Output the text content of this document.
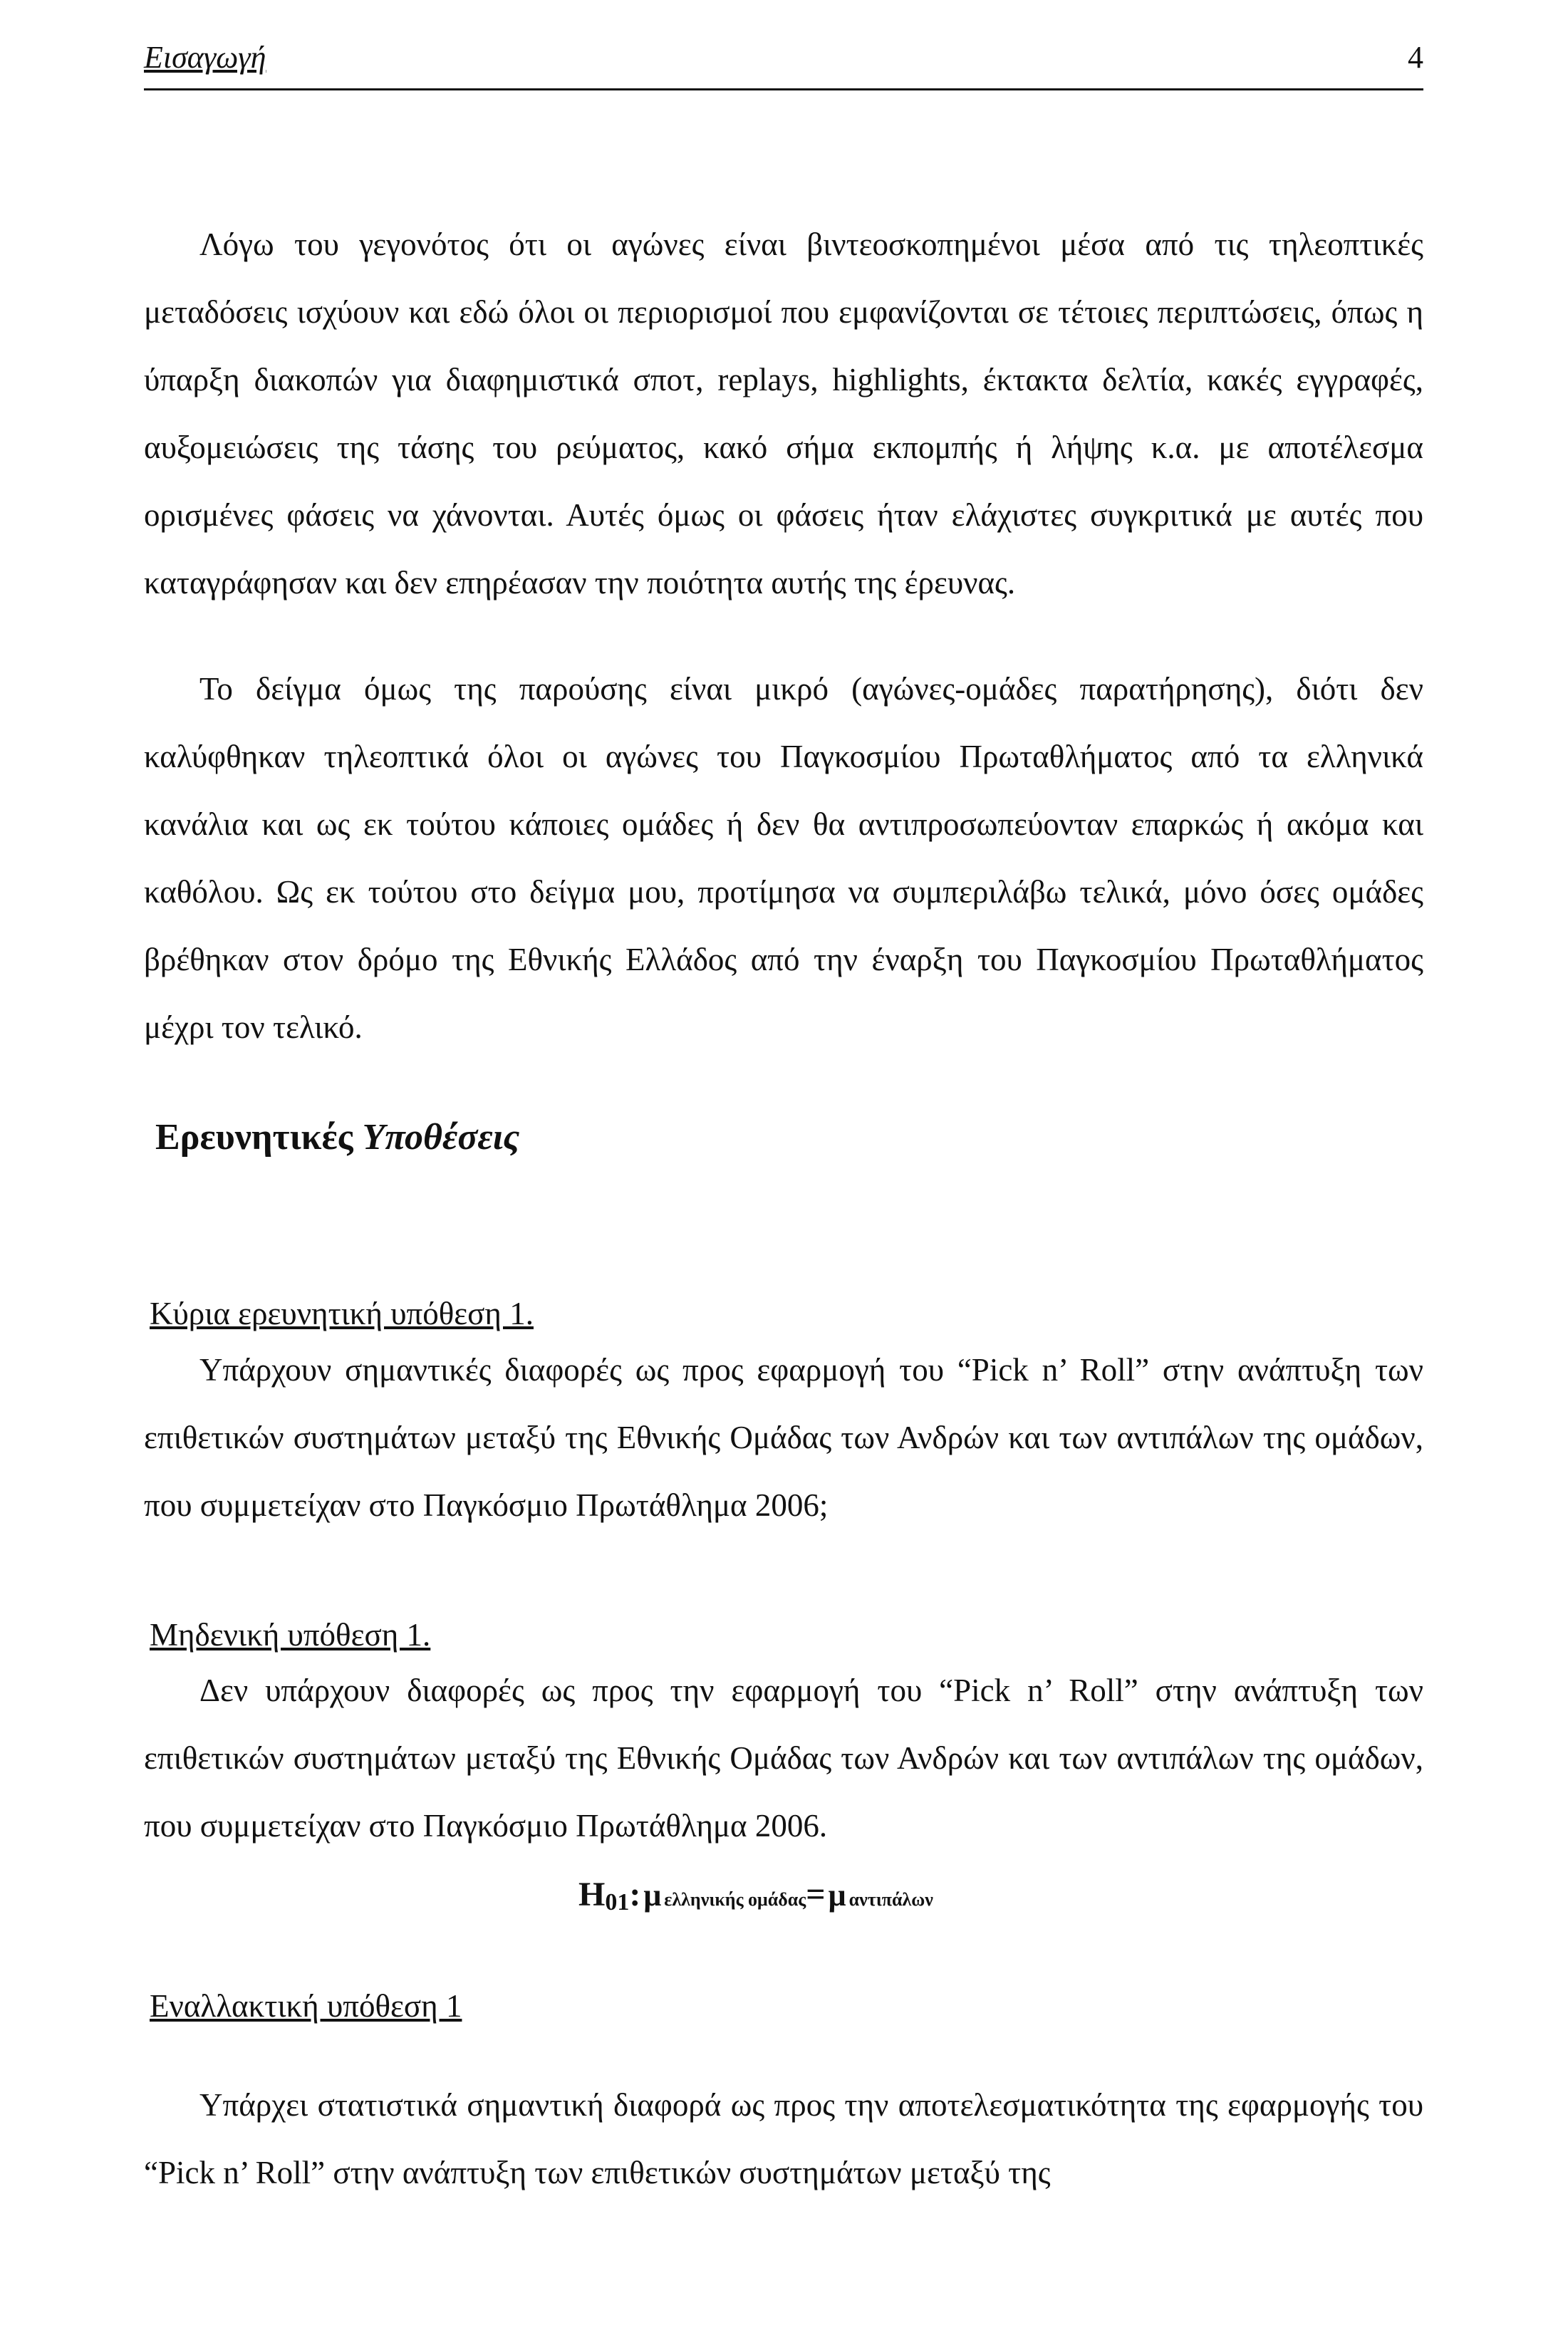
Εισαγωγή	4

Λόγω του γεγονότος ότι οι αγώνες είναι βιντεοσκοπημένοι μέσα από τις τηλεοπτικές μεταδόσεις ισχύουν και εδώ όλοι οι περιορισμοί που εμφανίζονται σε τέτοιες περιπτώσεις, όπως η ύπαρξη διακοπών για διαφημιστικά σποτ, replays, highlights, έκτακτα δελτία, κακές εγγραφές, αυξομειώσεις της τάσης του ρεύματος, κακό σήμα εκπομπής ή λήψης κ.α. με αποτέλεσμα ορισμένες φάσεις να χάνονται. Αυτές όμως οι φάσεις ήταν ελάχιστες συγκριτικά με αυτές που καταγράφησαν και δεν επηρέασαν την ποιότητα αυτής της έρευνας.

Το δείγμα όμως της παρούσης είναι μικρό (αγώνες-ομάδες παρατήρησης), διότι δεν καλύφθηκαν τηλεοπτικά όλοι οι αγώνες του Παγκοσμίου Πρωταθλήματος από τα ελληνικά κανάλια και ως εκ τούτου κάποιες ομάδες ή δεν θα αντιπροσωπεύονταν επαρκώς ή ακόμα και καθόλου. Ως εκ τούτου στο δείγμα μου, προτίμησα να συμπεριλάβω τελικά, μόνο όσες ομάδες βρέθηκαν στον δρόμο της Εθνικής Ελλάδος από την έναρξη του Παγκοσμίου Πρωταθλήματος μέχρι τον τελικό.

Ερευνητικές Υποθέσεις
Κύρια ερευνητική υπόθεση 1.

Υπάρχουν σημαντικές διαφορές ως προς εφαρμογή του “Pick n’ Roll” στην ανάπτυξη των επιθετικών συστημάτων μεταξύ της Εθνικής Ομάδας των Ανδρών και των αντιπάλων της ομάδων, που συμμετείχαν στο Παγκόσμιο Πρωτάθλημα 2006;

Μηδενική υπόθεση 1.

Δεν υπάρχουν διαφορές ως προς την εφαρμογή του “Pick n’ Roll” στην ανάπτυξη των επιθετικών συστημάτων μεταξύ της Εθνικής Ομάδας των Ανδρών και των αντιπάλων της ομάδων, που συμμετείχαν στο Παγκόσμιο Πρωτάθλημα 2006.

$H_{01}$: μ ελληνικής ομάδας= μ αντιπάλων
Εναλλακτική υπόθεση 1

Υπάρχει στατιστικά σημαντική διαφορά ως προς την αποτελεσματικότητα της εφαρμογής του “Pick n’ Roll” στην ανάπτυξη των επιθετικών συστημάτων μεταξύ της
